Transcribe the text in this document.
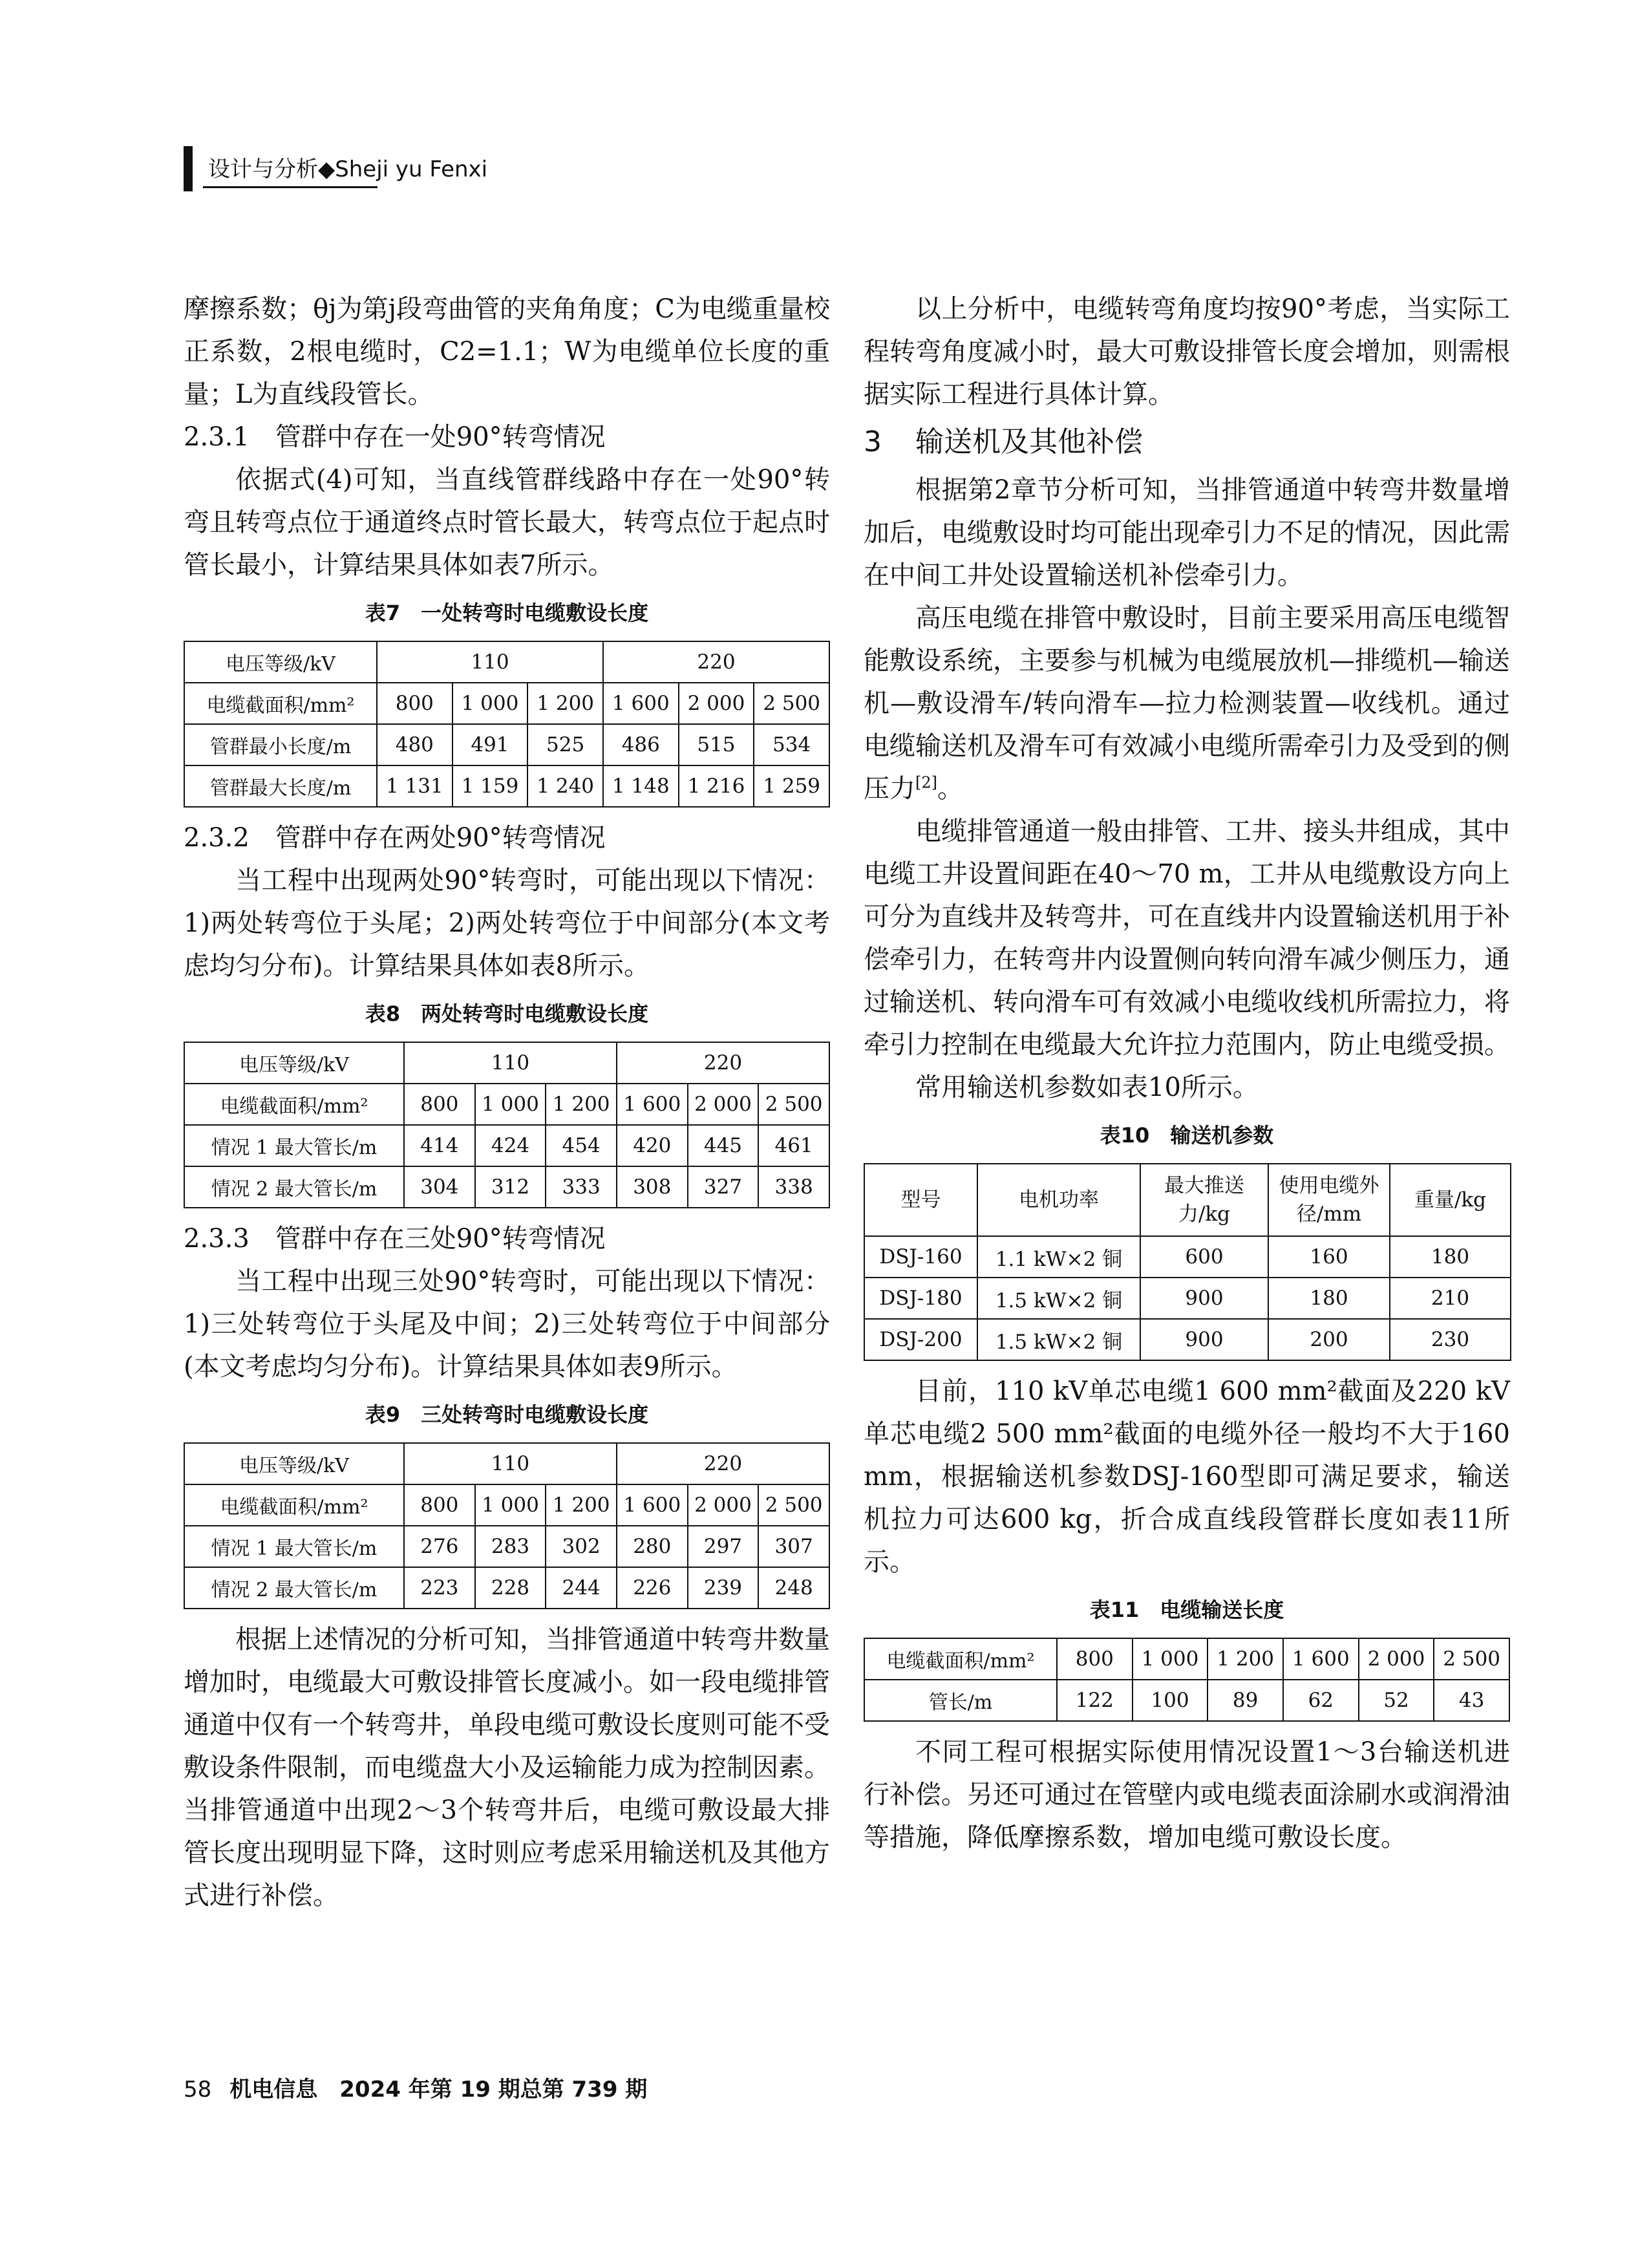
设计与分析◆Sheji yu Fenxi

摩擦系数；θj为第j段弯曲管的夹角角度；C为电缆重量校正系数，2根电缆时，C2=1.1；W为电缆单位长度的重量；L为直线段管长。

2.3.1　管群中存在一处90°转弯情况

依据式(4)可知，当直线管群线路中存在一处90°转弯且转弯点位于通道终点时管长最大，转弯点位于起点时管长最小，计算结果具体如表7所示。

表7　一处转弯时电缆敷设长度
电压等级/kV	110			220		
电缆截面积/mm²	800	1 000	1 200	1 600	2 000	2 500
管群最小长度/m	480	491	525	486	515	534
管群最大长度/m	1 131	1 159	1 240	1 148	1 216	1 259

2.3.2　管群中存在两处90°转弯情况

当工程中出现两处90°转弯时，可能出现以下情况：1)两处转弯位于头尾；2)两处转弯位于中间部分(本文考虑均匀分布)。计算结果具体如表8所示。

表8　两处转弯时电缆敷设长度
电压等级/kV	110			220		
电缆截面积/mm²	800	1 000	1 200	1 600	2 000	2 500
情况 1 最大管长/m	414	424	454	420	445	461
情况 2 最大管长/m	304	312	333	308	327	338

2.3.3　管群中存在三处90°转弯情况

当工程中出现三处90°转弯时，可能出现以下情况：1)三处转弯位于头尾及中间；2)三处转弯位于中间部分(本文考虑均匀分布)。计算结果具体如表9所示。

表9　三处转弯时电缆敷设长度
电压等级/kV	110			220		
电缆截面积/mm²	800	1 000	1 200	1 600	2 000	2 500
情况 1 最大管长/m	276	283	302	280	297	307
情况 2 最大管长/m	223	228	244	226	239	248

根据上述情况的分析可知，当排管通道中转弯井数量增加时，电缆最大可敷设排管长度减小。如一段电缆排管通道中仅有一个转弯井，单段电缆可敷设长度则可能不受敷设条件限制，而电缆盘大小及运输能力成为控制因素。当排管通道中出现2～3个转弯井后，电缆可敷设最大排管长度出现明显下降，这时则应考虑采用输送机及其他方式进行补偿。

以上分析中，电缆转弯角度均按90°考虑，当实际工程转弯角度减小时，最大可敷设排管长度会增加，则需根据实际工程进行具体计算。

3 输送机及其他补偿

根据第2章节分析可知，当排管通道中转弯井数量增加后，电缆敷设时均可能出现牵引力不足的情况，因此需在中间工井处设置输送机补偿牵引力。

高压电缆在排管中敷设时，目前主要采用高压电缆智能敷设系统，主要参与机械为电缆展放机—排缆机—输送机—敷设滑车/转向滑车—拉力检测装置—收线机。通过电缆输送机及滑车可有效减小电缆所需牵引力及受到的侧压力[2]。

电缆排管通道一般由排管、工井、接头井组成，其中电缆工井设置间距在40～70 m，工井从电缆敷设方向上可分为直线井及转弯井，可在直线井内设置输送机用于补偿牵引力，在转弯井内设置侧向转向滑车减少侧压力，通过输送机、转向滑车可有效减小电缆收线机所需拉力，将牵引力控制在电缆最大允许拉力范围内，防止电缆受损。

常用输送机参数如表10所示。

表10　输送机参数
型号	电机功率	最大推送力/kg	使用电缆外径/mm	重量/kg
DSJ-160	1.1 kW×2 铜	600	160	180
DSJ-180	1.5 kW×2 铜	900	180	210
DSJ-200	1.5 kW×2 铜	900	200	230

目前，110 kV单芯电缆1 600 mm²截面及220 kV单芯电缆2 500 mm²截面的电缆外径一般均不大于160 mm，根据输送机参数DSJ-160型即可满足要求，输送机拉力可达600 kg，折合成直线段管群长度如表11所示。

表11　电缆输送长度
电缆截面积/mm²	800	1 000	1 200	1 600	2 000	2 500
管长/m	122	100	89	62	52	43

不同工程可根据实际使用情况设置1～3台输送机进行补偿。另还可通过在管壁内或电缆表面涂刷水或润滑油等措施，降低摩擦系数，增加电缆可敷设长度。

58 机电信息　2024 年第 19 期总第 739 期
